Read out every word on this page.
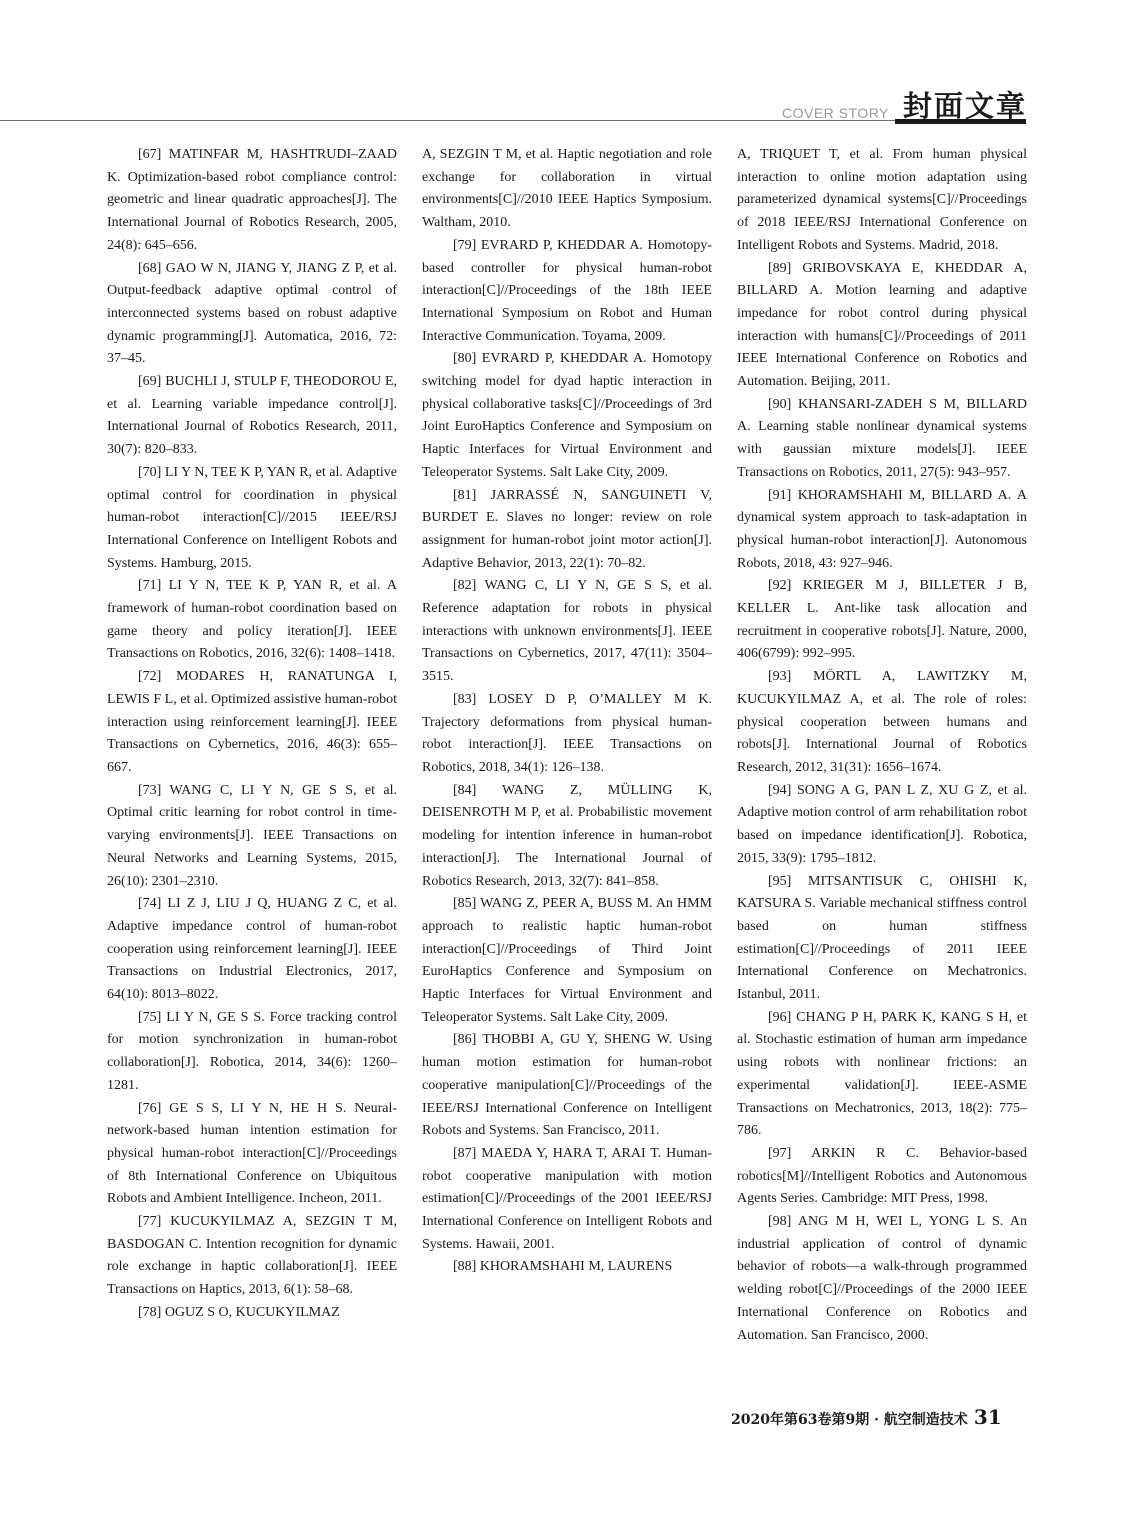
COVER STORY 封面文章

[67] MATINFAR M, HASHTRUDI–ZAAD K. Optimization-based robot compliance control: geometric and linear quadratic approaches[J]. The International Journal of Robotics Research, 2005, 24(8): 645–656.

[68] GAO W N, JIANG Y, JIANG Z P, et al. Output-feedback adaptive optimal control of interconnected systems based on robust adaptive dynamic programming[J]. Automatica, 2016, 72: 37–45.

[69] BUCHLI J, STULP F, THEODOROU E, et al. Learning variable impedance control[J]. International Journal of Robotics Research, 2011, 30(7): 820–833.

[70] LI Y N, TEE K P, YAN R, et al. Adaptive optimal control for coordination in physical human-robot interaction[C]//2015 IEEE/RSJ International Conference on Intelligent Robots and Systems. Hamburg, 2015.

[71] LI Y N, TEE K P, YAN R, et al. A framework of human-robot coordination based on game theory and policy iteration[J]. IEEE Transactions on Robotics, 2016, 32(6): 1408–1418.

[72] MODARES H, RANATUNGA I, LEWIS F L, et al. Optimized assistive human-robot interaction using reinforcement learning[J]. IEEE Transactions on Cybernetics, 2016, 46(3): 655–667.

[73] WANG C, LI Y N, GE S S, et al. Optimal critic learning for robot control in time-varying environments[J]. IEEE Transactions on Neural Networks and Learning Systems, 2015, 26(10): 2301–2310.

[74] LI Z J, LIU J Q, HUANG Z C, et al. Adaptive impedance control of human-robot cooperation using reinforcement learning[J]. IEEE Transactions on Industrial Electronics, 2017, 64(10): 8013–8022.

[75] LI Y N, GE S S. Force tracking control for motion synchronization in human-robot collaboration[J]. Robotica, 2014, 34(6): 1260–1281.

[76] GE S S, LI Y N, HE H S. Neural-network-based human intention estimation for physical human-robot interaction[C]//Proceedings of 8th International Conference on Ubiquitous Robots and Ambient Intelligence. Incheon, 2011.

[77] KUCUKYILMAZ A, SEZGIN T M, BASDOGAN C. Intention recognition for dynamic role exchange in haptic collaboration[J]. IEEE Transactions on Haptics, 2013, 6(1): 58–68.

[78] OGUZ S O, KUCUKYILMAZ

A, SEZGIN T M, et al. Haptic negotiation and role exchange for collaboration in virtual environments[C]//2010 IEEE Haptics Symposium. Waltham, 2010.

[79] EVRARD P, KHEDDAR A. Homotopy-based controller for physical human-robot interaction[C]//Proceedings of the 18th IEEE International Symposium on Robot and Human Interactive Communication. Toyama, 2009.

[80] EVRARD P, KHEDDAR A. Homotopy switching model for dyad haptic interaction in physical collaborative tasks[C]//Proceedings of 3rd Joint EuroHaptics Conference and Symposium on Haptic Interfaces for Virtual Environment and Teleoperator Systems. Salt Lake City, 2009.

[81] JARRASSÉ N, SANGUINETI V, BURDET E. Slaves no longer: review on role assignment for human-robot joint motor action[J]. Adaptive Behavior, 2013, 22(1): 70–82.

[82] WANG C, LI Y N, GE S S, et al. Reference adaptation for robots in physical interactions with unknown environments[J]. IEEE Transactions on Cybernetics, 2017, 47(11): 3504–3515.

[83] LOSEY D P, O’MALLEY M K. Trajectory deformations from physical human-robot interaction[J]. IEEE Transactions on Robotics, 2018, 34(1): 126–138.

[84] WANG Z, MÜLLING K, DEISENROTH M P, et al. Probabilistic movement modeling for intention inference in human-robot interaction[J]. The International Journal of Robotics Research, 2013, 32(7): 841–858.

[85] WANG Z, PEER A, BUSS M. An HMM approach to realistic haptic human-robot interaction[C]//Proceedings of Third Joint EuroHaptics Conference and Symposium on Haptic Interfaces for Virtual Environment and Teleoperator Systems. Salt Lake City, 2009.

[86] THOBBI A, GU Y, SHENG W. Using human motion estimation for human-robot cooperative manipulation[C]//Proceedings of the IEEE/RSJ International Conference on Intelligent Robots and Systems. San Francisco, 2011.

[87] MAEDA Y, HARA T, ARAI T. Human-robot cooperative manipulation with motion estimation[C]//Proceedings of the 2001 IEEE/RSJ International Conference on Intelligent Robots and Systems. Hawaii, 2001.

[88] KHORAMSHAHI M, LAURENS

A, TRIQUET T, et al. From human physical interaction to online motion adaptation using parameterized dynamical systems[C]//Proceedings of 2018 IEEE/RSJ International Conference on Intelligent Robots and Systems. Madrid, 2018.

[89] GRIBOVSKAYA E, KHEDDAR A, BILLARD A. Motion learning and adaptive impedance for robot control during physical interaction with humans[C]//Proceedings of 2011 IEEE International Conference on Robotics and Automation. Beijing, 2011.

[90] KHANSARI-ZADEH S M, BILLARD A. Learning stable nonlinear dynamical systems with gaussian mixture models[J]. IEEE Transactions on Robotics, 2011, 27(5): 943–957.

[91] KHORAMSHAHI M, BILLARD A. A dynamical system approach to task-adaptation in physical human-robot interaction[J]. Autonomous Robots, 2018, 43: 927–946.

[92] KRIEGER M J, BILLETER J B, KELLER L. Ant-like task allocation and recruitment in cooperative robots[J]. Nature, 2000, 406(6799): 992–995.

[93] MÖRTL A, LAWITZKY M, KUCUKYILMAZ A, et al. The role of roles: physical cooperation between humans and robots[J]. International Journal of Robotics Research, 2012, 31(31): 1656–1674.

[94] SONG A G, PAN L Z, XU G Z, et al. Adaptive motion control of arm rehabilitation robot based on impedance identification[J]. Robotica, 2015, 33(9): 1795–1812.

[95] MITSANTISUK C, OHISHI K, KATSURA S. Variable mechanical stiffness control based on human stiffness estimation[C]//Proceedings of 2011 IEEE International Conference on Mechatronics. Istanbul, 2011.

[96] CHANG P H, PARK K, KANG S H, et al. Stochastic estimation of human arm impedance using robots with nonlinear frictions: an experimental validation[J]. IEEE-ASME Transactions on Mechatronics, 2013, 18(2): 775–786.

[97] ARKIN R C. Behavior-based robotics[M]//Intelligent Robotics and Autonomous Agents Series. Cambridge: MIT Press, 1998.

[98] ANG M H, WEI L, YONG L S. An industrial application of control of dynamic behavior of robots—a walk-through programmed welding robot[C]//Proceedings of the 2000 IEEE International Conference on Robotics and Automation. San Francisco, 2000.

2020年第63卷第9期 · 航空制造技术 31
